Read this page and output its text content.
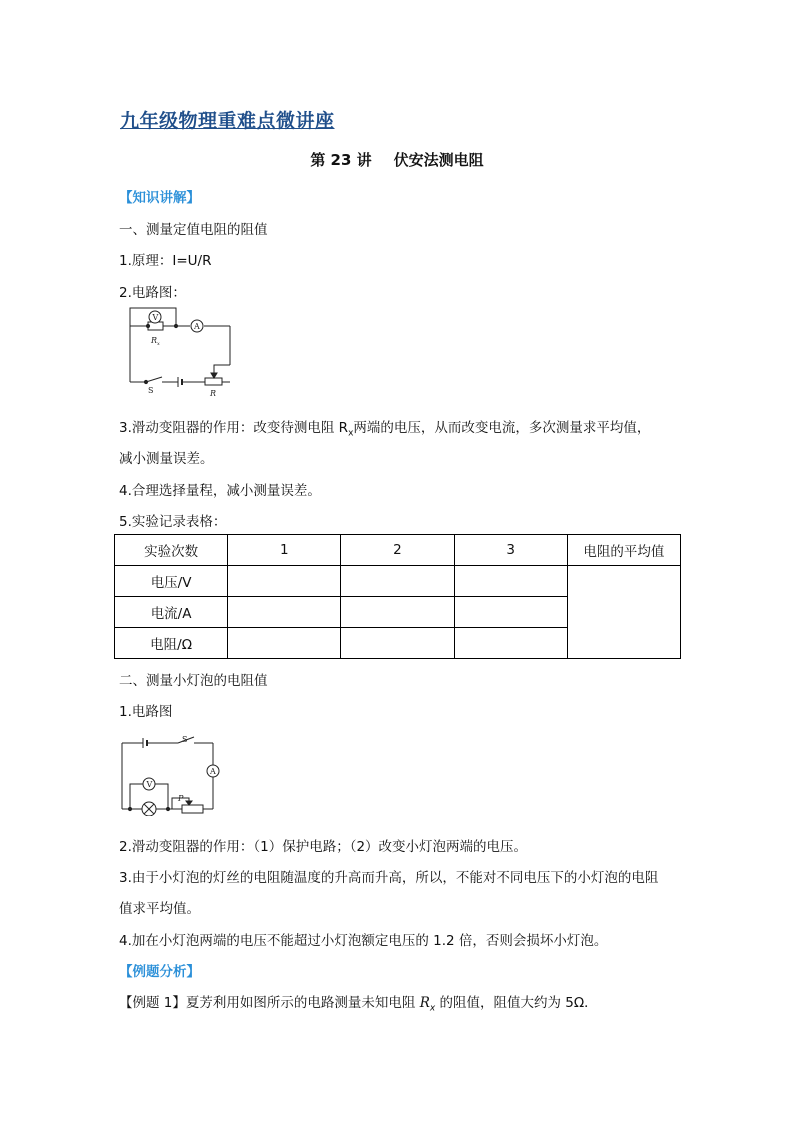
九年级物理重难点微讲座
第 23 讲 伏安法测电阻
【知识讲解】
一、测量定值电阻的阻值
1.原理：I=U/R
2.电路图：
V
A
R x
S	R
3.滑动变阻器的作用：改变待测电阻 $R_x$两端的电压，从而改变电流，多次测量求平均值，
减小测量误差。
4.合理选择量程，减小测量误差。
5.实验记录表格：
实验次数	1	2	3	电阻的平均值
电压/V				
电流/A				
电阻/Ω				
二、测量小灯泡的电阻值
1.电路图
S
A
V
P
2.滑动变阻器的作用：（1）保护电路；（2）改变小灯泡两端的电压。
3.由于小灯泡的灯丝的电阻随温度的升高而升高，所以，不能对不同电压下的小灯泡的电阻
值求平均值。
4.加在小灯泡两端的电压不能超过小灯泡额定电压的 1.2 倍，否则会损坏小灯泡。
【例题分析】
【例题 1】夏芳利用如图所示的电路测量未知电阻 $R_x$ 的阻值，阻值大约为 5Ω．
